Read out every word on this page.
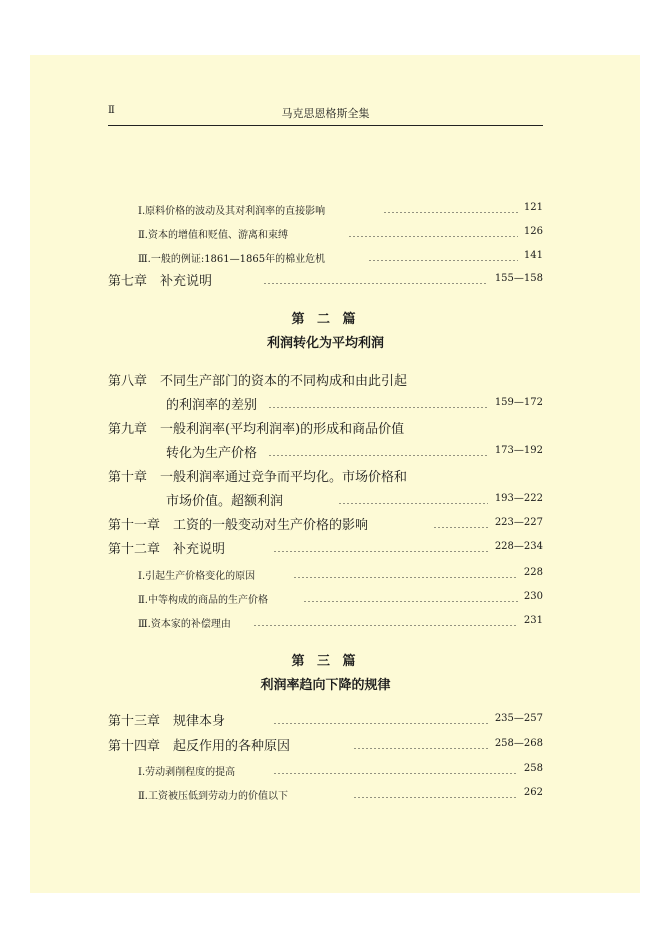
Ⅱ	马克思恩格斯全集
Ⅰ.原料价格的波动及其对利润率的直接影响	121
Ⅱ.资本的增值和贬值、游离和束缚	126
Ⅲ.一般的例证:1861—1865年的棉业危机	141
第七章　补充说明	155—158
第 二 篇
利润转化为平均利润
第八章　不同生产部门的资本的不同构成和由此引起
的利润率的差别	159—172
第九章　一般利润率(平均利润率)的形成和商品价值
转化为生产价格	173—192
第十章　一般利润率通过竞争而平均化。市场价格和
市场价值。超额利润	193—222
第十一章　工资的一般变动对生产价格的影响	223—227
第十二章　补充说明	228—234
Ⅰ.引起生产价格变化的原因	228
Ⅱ.中等构成的商品的生产价格	230
Ⅲ.资本家的补偿理由	231
第 三 篇
利润率趋向下降的规律
第十三章　规律本身	235—257
第十四章　起反作用的各种原因	258—268
Ⅰ.劳动剥削程度的提高	258
Ⅱ.工资被压低到劳动力的价值以下	262
